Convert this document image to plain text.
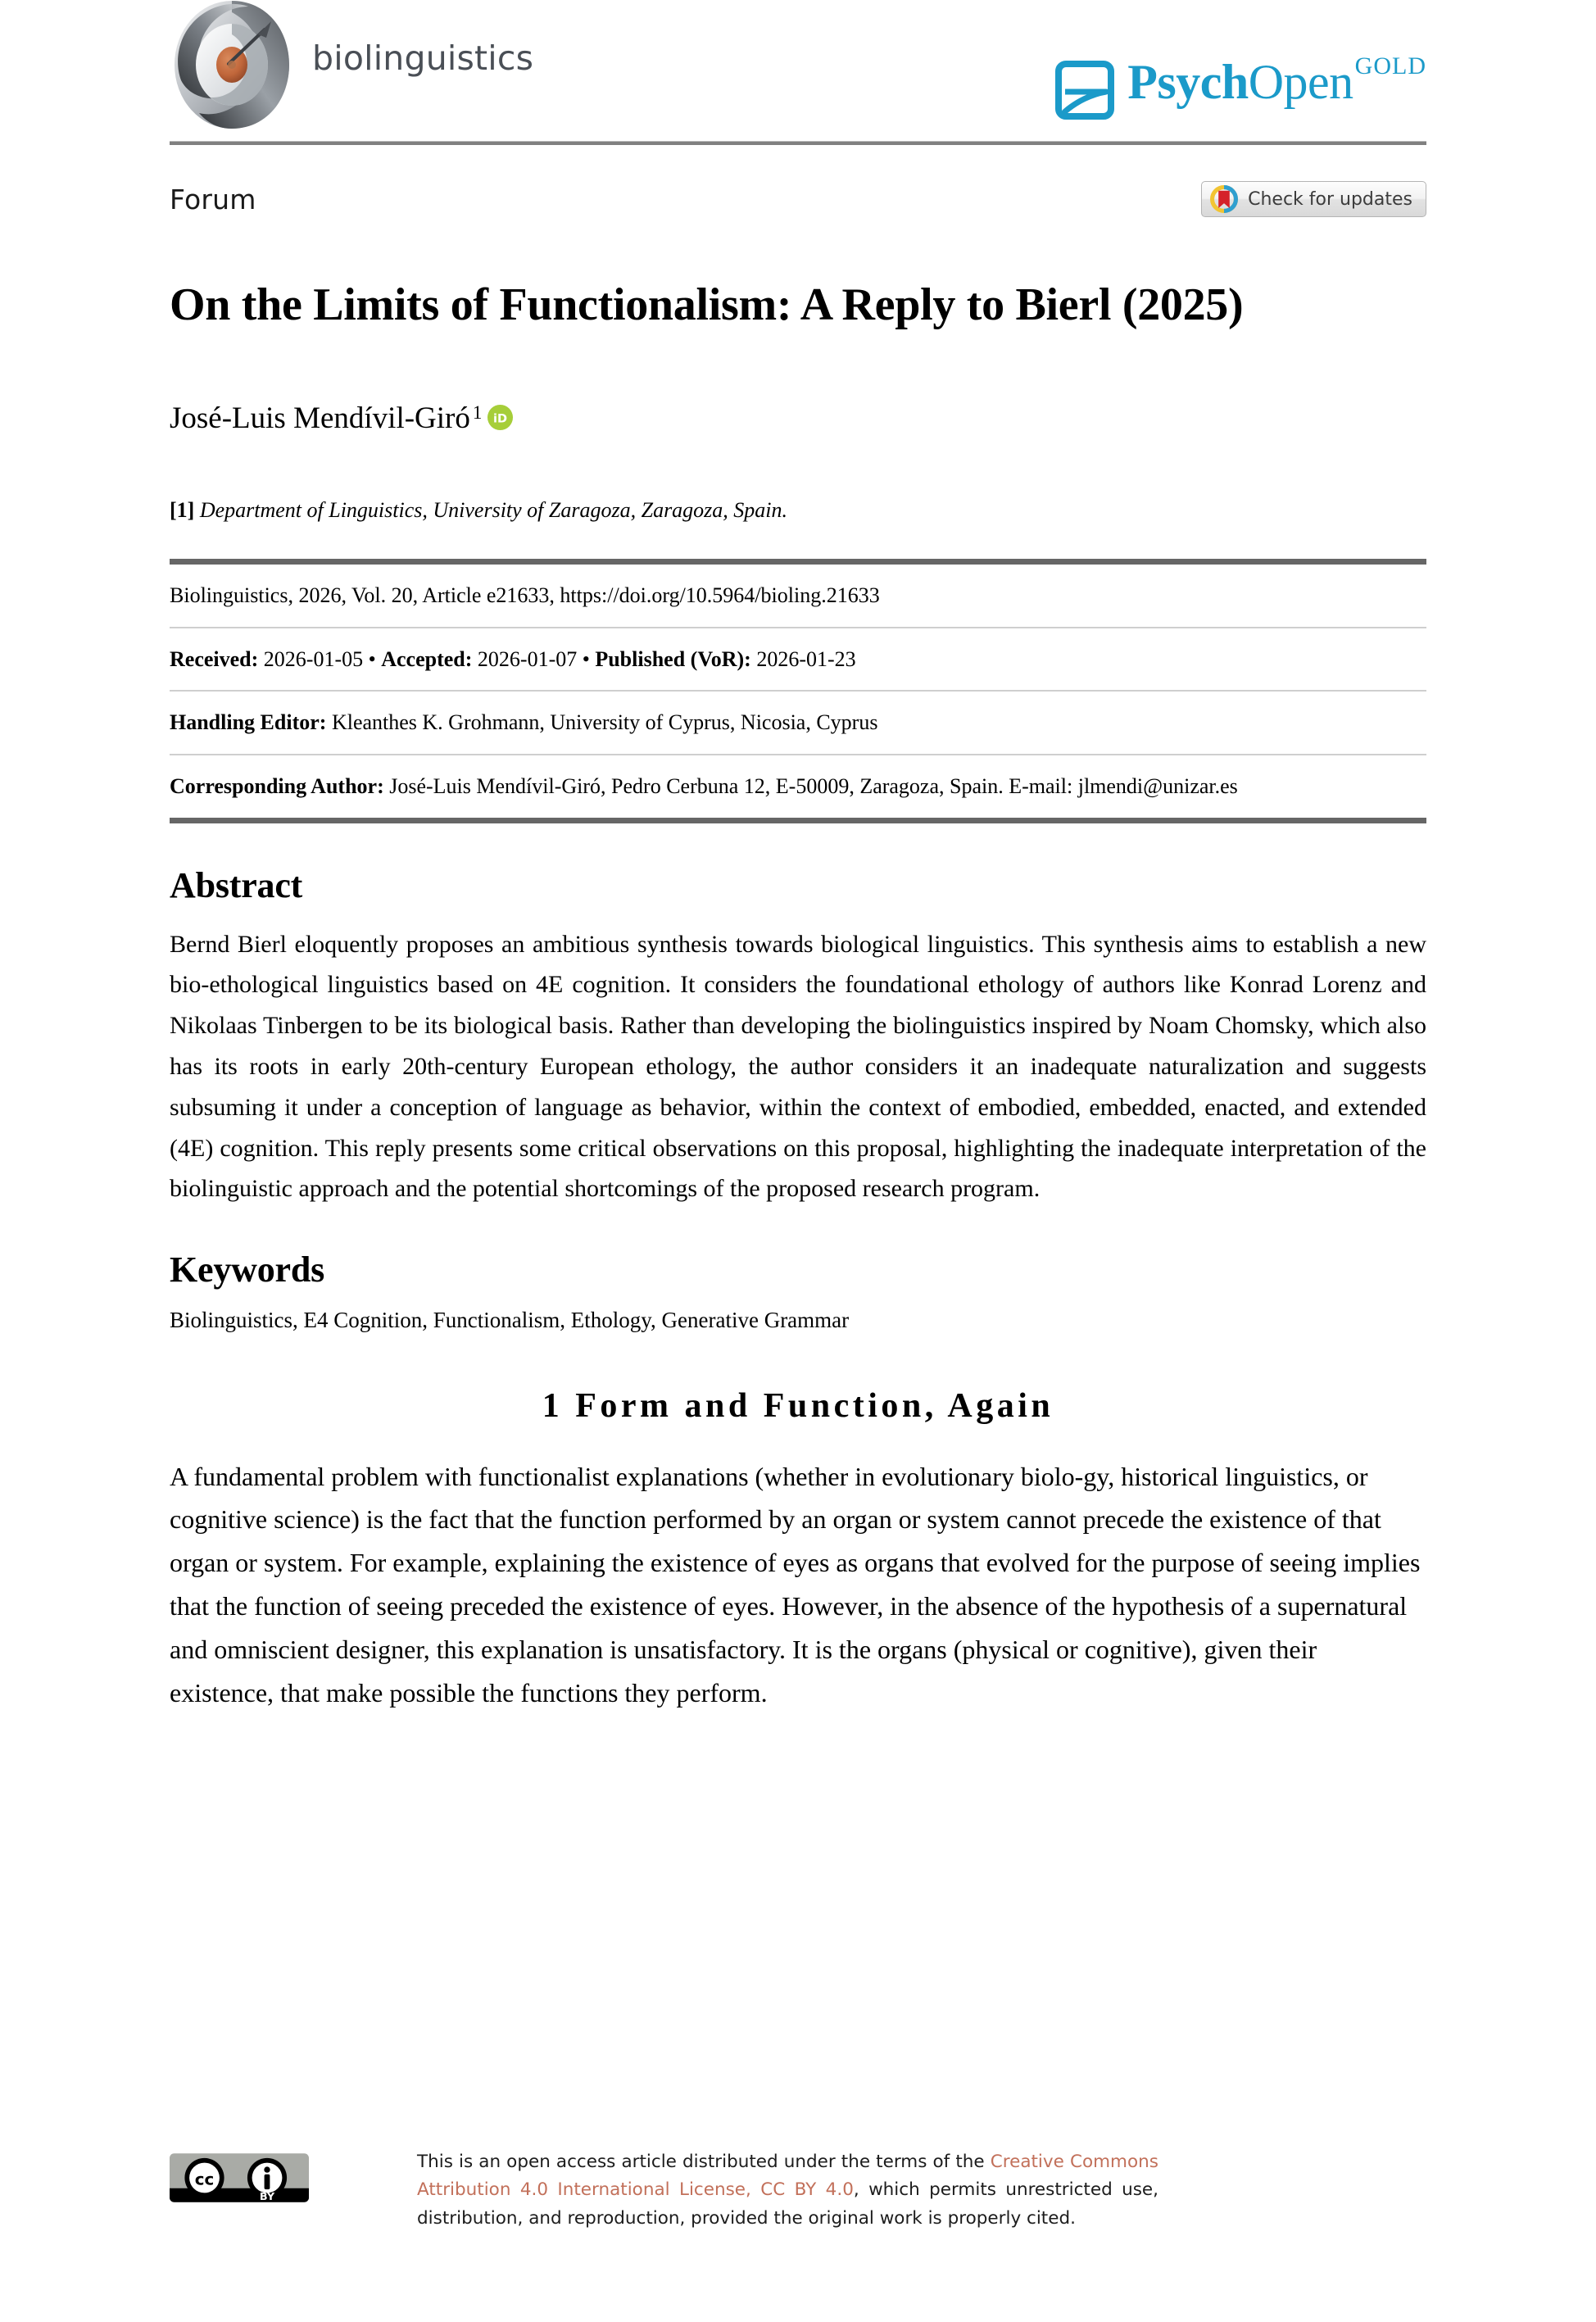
biolinguistics	PsychOpenGOLD
Forum	Check for updates
On the Limits of Functionalism: A Reply to Bierl (2025)
José-Luis Mendívil-Giró 1 iD
[1] Department of Linguistics, University of Zaragoza, Zaragoza, Spain.
Biolinguistics, 2026, Vol. 20, Article e21633, https://doi.org/10.5964/bioling.21633
Received: 2026-01-05 • Accepted: 2026-01-07 • Published (VoR): 2026-01-23
Handling Editor: Kleanthes K. Grohmann, University of Cyprus, Nicosia, Cyprus
Corresponding Author: José-Luis Mendívil-Giró, Pedro Cerbuna 12, E-50009, Zaragoza, Spain. E-mail: jlmendi@unizar.es
Abstract

Bernd Bierl eloquently proposes an ambitious synthesis towards biological linguistics. This synthesis aims to establish a new bio-ethological linguistics based on 4E cognition. It considers the foundational ethology of authors like Konrad Lorenz and Nikolaas Tinbergen to be its biological basis. Rather than developing the biolinguistics inspired by Noam Chomsky, which also has its roots in early 20th-century European ethology, the author considers it an inadequate naturalization and suggests subsuming it under a conception of language as behavior, within the context of embodied, embedded, enacted, and extended (4E) cognition. This reply presents some critical observations on this proposal, highlighting the inadequate interpretation of the biolinguistic approach and the potential shortcomings of the proposed research program.

Keywords

Biolinguistics, E4 Cognition, Functionalism, Ethology, Generative Grammar

1 Form and Function, Again

A fundamental problem with functionalist explanations (whether in evolutionary biolo-gy, historical linguistics, or cognitive science) is the fact that the function performed by an organ or system cannot precede the existence of that organ or system. For example, explaining the existence of eyes as organs that evolved for the purpose of seeing implies that the function of seeing preceded the existence of eyes. However, in the absence of the hypothesis of a supernatural and omniscient designer, this explanation is unsatisfactory. It is the organs (physical or cognitive), given their existence, that make possible the functions they perform.

cc
BY
This is an open access article distributed under the terms of the Creative Commons Attribution 4.0 International License, CC BY 4.0, which permits unrestricted use, distribution, and reproduction, provided the original work is properly cited.
